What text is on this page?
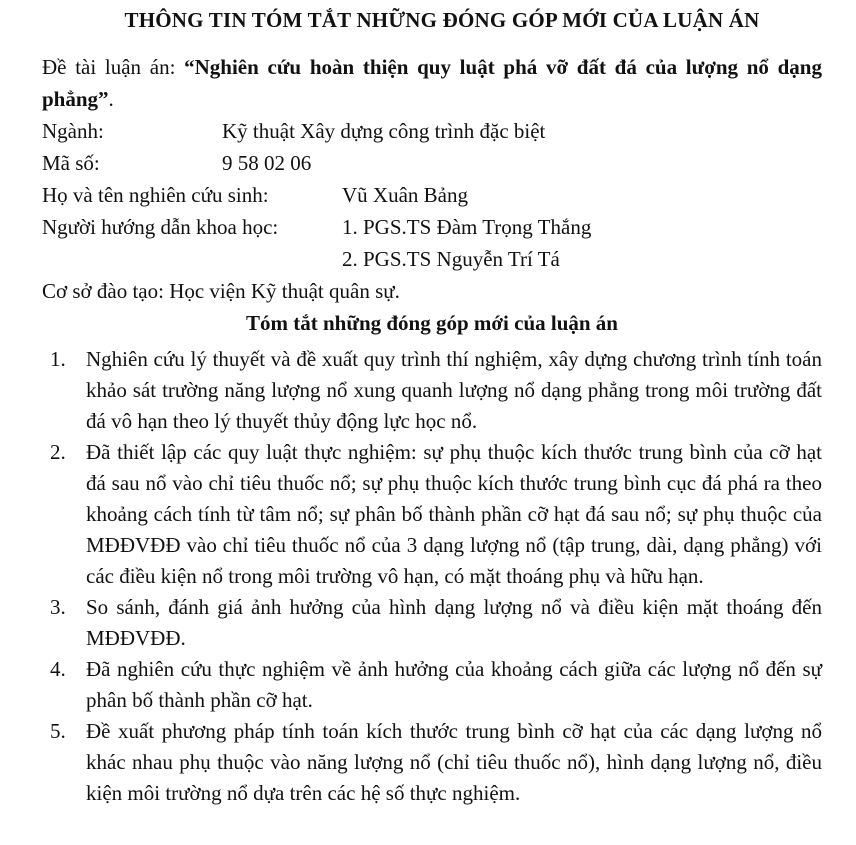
THÔNG TIN TÓM TẮT NHỮNG ĐÓNG GÓP MỚI CỦA LUẬN ÁN

Đề tài luận án: “Nghiên cứu hoàn thiện quy luật phá vỡ đất đá của lượng nổ dạng phẳng”.

Ngành:	Kỹ thuật Xây dựng công trình đặc biệt
Mã số:	9 58 02 06
Họ và tên nghiên cứu sinh:	Vũ Xuân Bảng
Người hướng dẫn khoa học:	1. PGS.TS Đàm Trọng Thắng
2. PGS.TS Nguyễn Trí Tá
Cơ sở đào tạo: Học viện Kỹ thuật quân sự.
Tóm tắt những đóng góp mới của luận án
1. Nghiên cứu lý thuyết và đề xuất quy trình thí nghiệm, xây dựng chương trình tính toán khảo sát trường năng lượng nổ xung quanh lượng nổ dạng phẳng trong môi trường đất đá vô hạn theo lý thuyết thủy động lực học nổ.
2. Đã thiết lập các quy luật thực nghiệm: sự phụ thuộc kích thước trung bình của cỡ hạt đá sau nổ vào chỉ tiêu thuốc nổ; sự phụ thuộc kích thước trung bình cục đá phá ra theo khoảng cách tính từ tâm nổ; sự phân bố thành phần cỡ hạt đá sau nổ; sự phụ thuộc của MĐĐVĐĐ vào chỉ tiêu thuốc nổ của 3 dạng lượng nổ (tập trung, dài, dạng phẳng) với các điều kiện nổ trong môi trường vô hạn, có mặt thoáng phụ và hữu hạn.
3. So sánh, đánh giá ảnh hưởng của hình dạng lượng nổ và điều kiện mặt thoáng đến MĐĐVĐĐ.
4. Đã nghiên cứu thực nghiệm về ảnh hưởng của khoảng cách giữa các lượng nổ đến sự phân bố thành phần cỡ hạt.
5. Đề xuất phương pháp tính toán kích thước trung bình cỡ hạt của các dạng lượng nổ khác nhau phụ thuộc vào năng lượng nổ (chỉ tiêu thuốc nổ), hình dạng lượng nổ, điều kiện môi trường nổ dựa trên các hệ số thực nghiệm.
